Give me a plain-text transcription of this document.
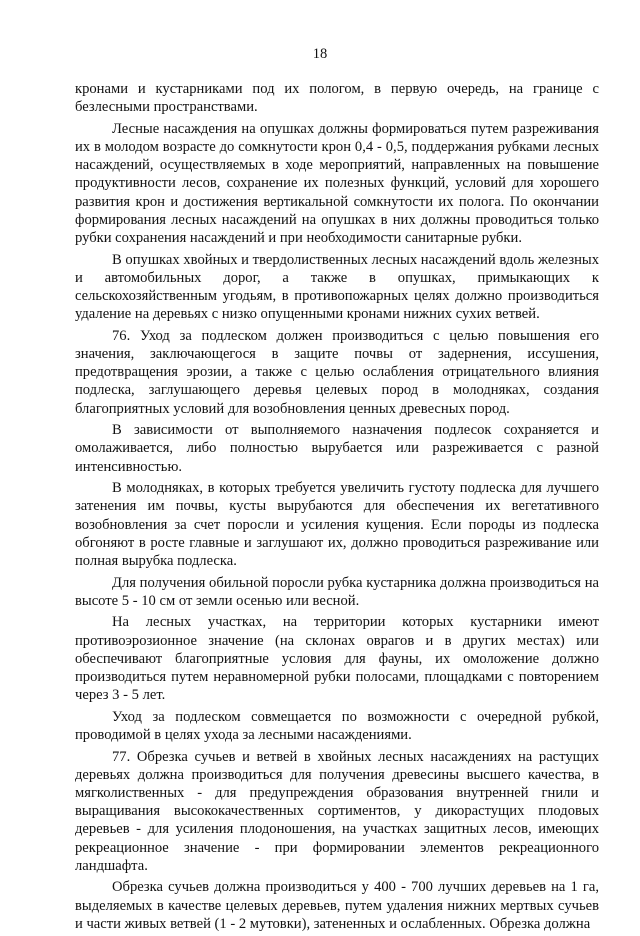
18

кронами и кустарниками под их пологом, в первую очередь, на границе с безлесными пространствами.

Лесные насаждения на опушках должны формироваться путем разреживания их в молодом возрасте до сомкнутости крон 0,4 - 0,5, поддержания рубками лесных насаждений, осуществляемых в ходе мероприятий, направленных на повышение продуктивности лесов, сохранение их полезных функций, условий для хорошего развития крон и достижения вертикальной сомкнутости их полога. По окончании формирования лесных насаждений на опушках в них должны проводиться только рубки сохранения насаждений и при необходимости санитарные рубки.

В опушках хвойных и твердолиственных лесных насаждений вдоль железных и автомобильных дорог, а также в опушках, примыкающих к сельскохозяйственным угодьям, в противопожарных целях должно производиться удаление на деревьях с низко опущенными кронами нижних сухих ветвей.

76. Уход за подлеском должен производиться с целью повышения его значения, заключающегося в защите почвы от задернения, иссушения, предотвращения эрозии, а также с целью ослабления отрицательного влияния подлеска, заглушающего деревья целевых пород в молодняках, создания благоприятных условий для возобновления ценных древесных пород.

В зависимости от выполняемого назначения подлесок сохраняется и омолаживается, либо полностью вырубается или разреживается с разной интенсивностью.

В молодняках, в которых требуется увеличить густоту подлеска для лучшего затенения им почвы, кусты вырубаются для обеспечения их вегетативного возобновления за счет поросли и усиления кущения. Если породы из подлеска обгоняют в росте главные и заглушают их, должно проводиться разреживание или полная вырубка подлеска.

Для получения обильной поросли рубка кустарника должна производиться на высоте 5 - 10 см от земли осенью или весной.

На лесных участках, на территории которых кустарники имеют противоэрозионное значение (на склонах оврагов и в других местах) или обеспечивают благоприятные условия для фауны, их омоложение должно производиться путем неравномерной рубки полосами, площадками с повторением через 3 - 5 лет.

Уход за подлеском совмещается по возможности с очередной рубкой, проводимой в целях ухода за лесными насаждениями.

77. Обрезка сучьев и ветвей в хвойных лесных насаждениях на растущих деревьях должна производиться для получения древесины высшего качества, в мягколиственных - для предупреждения образования внутренней гнили и выращивания высококачественных сортиментов, у дикорастущих плодовых деревьев - для усиления плодоношения, на участках защитных лесов, имеющих рекреационное значение - при формировании элементов рекреационного ландшафта.

Обрезка сучьев должна производиться у 400 - 700 лучших деревьев на 1 га, выделяемых в качестве целевых деревьев, путем удаления нижних мертвых сучьев и части живых ветвей (1 - 2 мутовки), затененных и ослабленных. Обрезка должна
